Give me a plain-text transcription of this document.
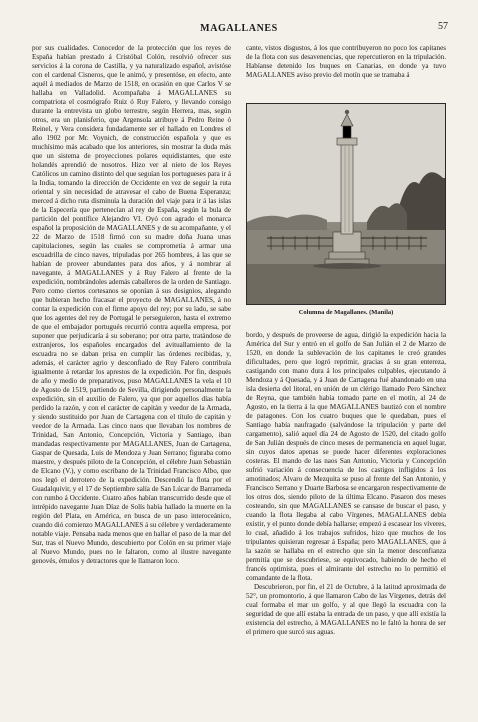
MAGALLANES	57

por sus cualidades. Conocedor de la protección que los reyes de España habían prestado á Cristóbal Colón, resolvió ofrecer sus servicios á la corona de Castilla, y ya naturalizado español, avistóse con el cardenal Cisneros, que le animó, y presentóse, en efecto, ante aquél á mediados de Marzo de 1518, en ocasión en que Carlos V se hallaba en Valladolid. Acompañaba á MAGALLANES su compatriota el cosmógrafo Ruiz ó Ruy Falero, y llevando consigo durante la entrevista un globo terrestre, según Herrera, mas, según otros, era un planisferio, que Argensola atribuye á Pedro Reine ó Reinel, y Vera considera fundadamente ser el hallado en Londres el año 1902 por Mr. Voynich, de construcción española y que es muchísimo más acabado que los anteriores, sin mostrar la duda más que un sistema de proyecciones polares equidistantes, que este holandés aprendió de nosotros. Hizo ver al nieto de los Reyes Católicos un camino distinto del que seguían los portugueses para ir á la India, tomando la dirección de Occidente en vez de seguir la ruta oriental y sin necesidad de atravesar el cabo de Buena Esperanza; merced á dicho ruta disminuía la duración del viaje para ir á las islas de la Especería que pertenecían al rey de España, según la bula de partición del pontífice Alejandro VI. Oyó con agrado el monarca español la proposición de MAGALLANES y de su acompañante, y el 22 de Marzo de 1518 firmó con su madre doña Juana unas capitulaciones, según las cuales se comprometía á armar una escuadrilla de cinco naves, tripuladas por 265 hombres, á las que se habían de proveer abundantes para dos años, y á nombrar al navegante, á MAGALLANES y á Ruy Falero al frente de la expedición, nombrándoles además caballeros de la orden de Santiago. Pero como ciertos cortesanos se oponían á sus designios, alegando que hubieran hecho fracasar el proyecto de MAGALLANES, á no contar la expedición con el firme apoyo del rey; por su lado, se sabe que los agentes del rey de Portugal le perseguieron, hasta el extremo de que el embajador portugués recurrió contra aquella empresa, por suponer que perjudicaría á su soberano; por otra parte, tratándose de extranjeros, los españoles encargados del avituallamiento de la escuadra no se daban prisa en cumplir las órdenes recibidas, y, además, el carácter agrio y desconfiado de Ruy Falero contribuía igualmente á retardar los aprestos de la expedición. Por fin, después de año y medio de preparativos, puso MAGALLANES la vela el 10 de Agosto de 1519, partiendo de Sevilla, dirigiendo personalmente la expedición, sin el auxilio de Falero, ya que por aquellos días había perdido la razón, y con el carácter de capitán y veedor de la Armada, y siendo sustituido por Juan de Cartagena con el título de capitán y veedor de la Armada. Las cinco naos que llevaban los nombres de Trinidad, San Antonio, Concepción, Victoria y Santiago, iban mandadas respectivamente por MAGALLANES, Juan de Cartagena, Gaspar de Quesada, Luis de Mendoza y Juan Serrano; figuraba como maestre, y después piloto de la Concepción, el célebre Juan Sebastián de Elcano (V.), y como escribano de la Trinidad Francisco Albo, que nos legó el derrotero de la expedición. Descendió la flota por el Guadalquivir, y el 17 de Septiembre salía de San Lúcar de Barrameda con rumbo á Occidente. Cuatro años habían transcurrido desde que el intrépido navegante Juan Díaz de Solís había hallado la muerte en la región del Plata, en América, en busca de un paso interoceánico, cuando dió comienzo MAGALLANES á su célebre y verdaderamente notable viaje. Pensaba nada menos que en hallar el paso de la mar del Sur, tras el Nuevo Mundo, descubierto por Colón en su primer viaje al Nuevo Mundo, pues no le faltaron, como al ilustre navegante genovés, émulos y detractores que le llamaron loco.

cante, vistos disgustos, á los que contribuyeron no poco los capitanes de la flota con sus desavenencias, que repercutieron en la tripulación. Habíanse detenido los buques en Canarias, en donde ya tuvo MAGALLANES aviso previo del motín que se tramaba á

Columna de Magallanes. (Manila)

bordo, y después de proveerse de agua, dirigió la expedición hacia la América del Sur y entró en el golfo de San Julián el 2 de Marzo de 1520, en donde la sublevación de los capitanes le creó grandes dificultades, pero que logró reprimir, gracias á su gran entereza, castigando con mano dura á los principales culpables, ejecutando á Mendoza y á Quesada, y á Juan de Cartagena fué abandonado en una isla desierta del litoral, en unión de un clérigo llamado Pero Sánchez de Reyna, que también había tomado parte en el motín, al 24 de Agosto, en la tierra á la que MAGALLANES bautizó con el nombre de patagones. Con los cuatro buques que le quedaban, pues el Santiago había naufragado (salvándose la tripulación y parte del cargamento), salió aquel día 24 de Agosto de 1520, del citado golfo de San Julián después de cinco meses de permanencia en aquel lugar, sin cuyos datos apenas se puede hacer diferentes exploraciones costeras. El mando de las naos San Antonio, Victoria y Concepción sufrió variación á consecuencia de los castigos infligidos á los amotinados; Alvaro de Mezquita se puso al frente del San Antonio, y Francisco Serrano y Duarte Barbosa se encargaron respectivamente de los otros dos, siendo piloto de la última Elcano. Pasaron dos meses costeando, sin que MAGALLANES se cansase de buscar el paso, y cuando la flota llegaba al cabo Vírgenes, MAGALLANES debía existir, y el punto donde debía hallarse; empezó á escasear los víveres, lo cual, añadido á los trabajos sufridos, hizo que muchos de los tripulantes quisieran regresar á España; pero MAGALLANES, que á la sazón se hallaba en el estrecho que sin la menor desconfianza permitía que se descubriese, se equivocado, habiendo de hecho el francés optimista, pues el almirante del estrecho no lo permitió el comandante de la flota.

Descubrieron, por fin, el 21 de Octubre, á la latitud aproximada de 52°, un promontorio, á que llamaron Cabo de las Vírgenes, detrás del cual formaba el mar un golfo, y al que llegó la escuadra con la seguridad de que allí estaba la entrada de un paso, y que allí existía la existencia del estrecho, á MAGALLANES no le faltó la honra de ser el primero que surcó sus aguas.
